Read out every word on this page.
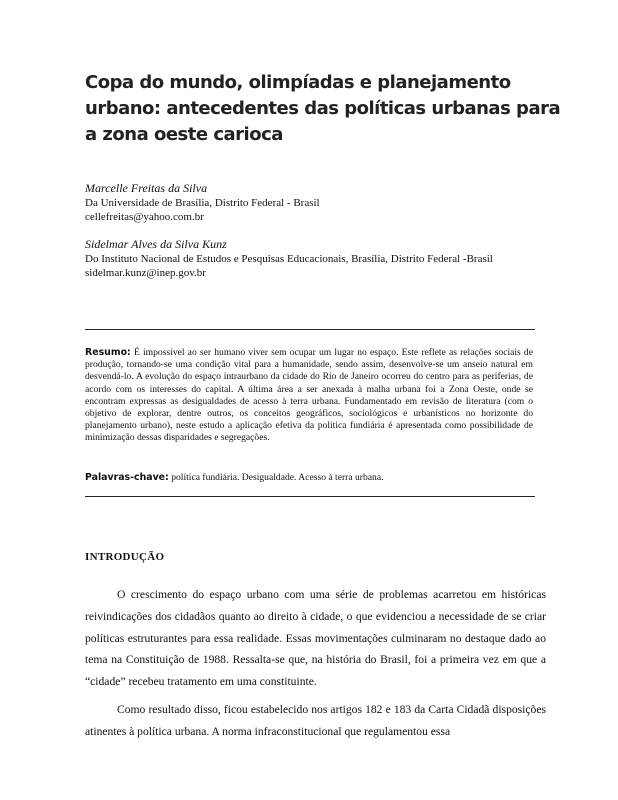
Copa do mundo, olimpíadas e planejamento urbano: antecedentes das políticas urbanas para a zona oeste carioca
Marcelle Freitas da Silva
Da Universidade de Brasília, Distrito Federal - Brasil
cellefreitas@yahoo.com.br
Sidelmar Alves da Silva Kunz
Do Instituto Nacional de Estudos e Pesquisas Educacionais, Brasília, Distrito Federal -Brasil
sidelmar.kunz@inep.gov.br
Resumo: É impossível ao ser humano viver sem ocupar um lugar no espaço. Este reflete as relações sociais de produção, tornando-se uma condição vital para a humanidade, sendo assim, desenvolve-se um anseio natural em desvendá-lo. A evolução do espaço intraurbano da cidade do Rio de Janeiro ocorreu do centro para as periferias, de acordo com os interesses do capital. A última área a ser anexada à malha urbana foi a Zona Oeste, onde se encontram expressas as desigualdades de acesso à terra urbana. Fundamentado em revisão de literatura (com o objetivo de explorar, dentre outros, os conceitos geográficos, sociológicos e urbanísticos no horizonte do planejamento urbano), neste estudo a aplicação efetiva da política fundiária é apresentada como possibilidade de minimização dessas disparidades e segregações.
Palavras-chave: política fundiária. Desigualdade. Acesso à terra urbana.
INTRODUÇÃO

O crescimento do espaço urbano com uma série de problemas acarretou em históricas reivindicações dos cidadãos quanto ao direito à cidade, o que evidenciou a necessidade de se criar políticas estruturantes para essa realidade. Essas movimentações culminaram no destaque dado ao tema na Constituição de 1988. Ressalta-se que, na história do Brasil, foi a primeira vez em que a “cidade” recebeu tratamento em uma constituinte.

Como resultado disso, ficou estabelecido nos artigos 182 e 183 da Carta Cidadã disposições atinentes à política urbana. A norma infraconstitucional que regulamentou essa
